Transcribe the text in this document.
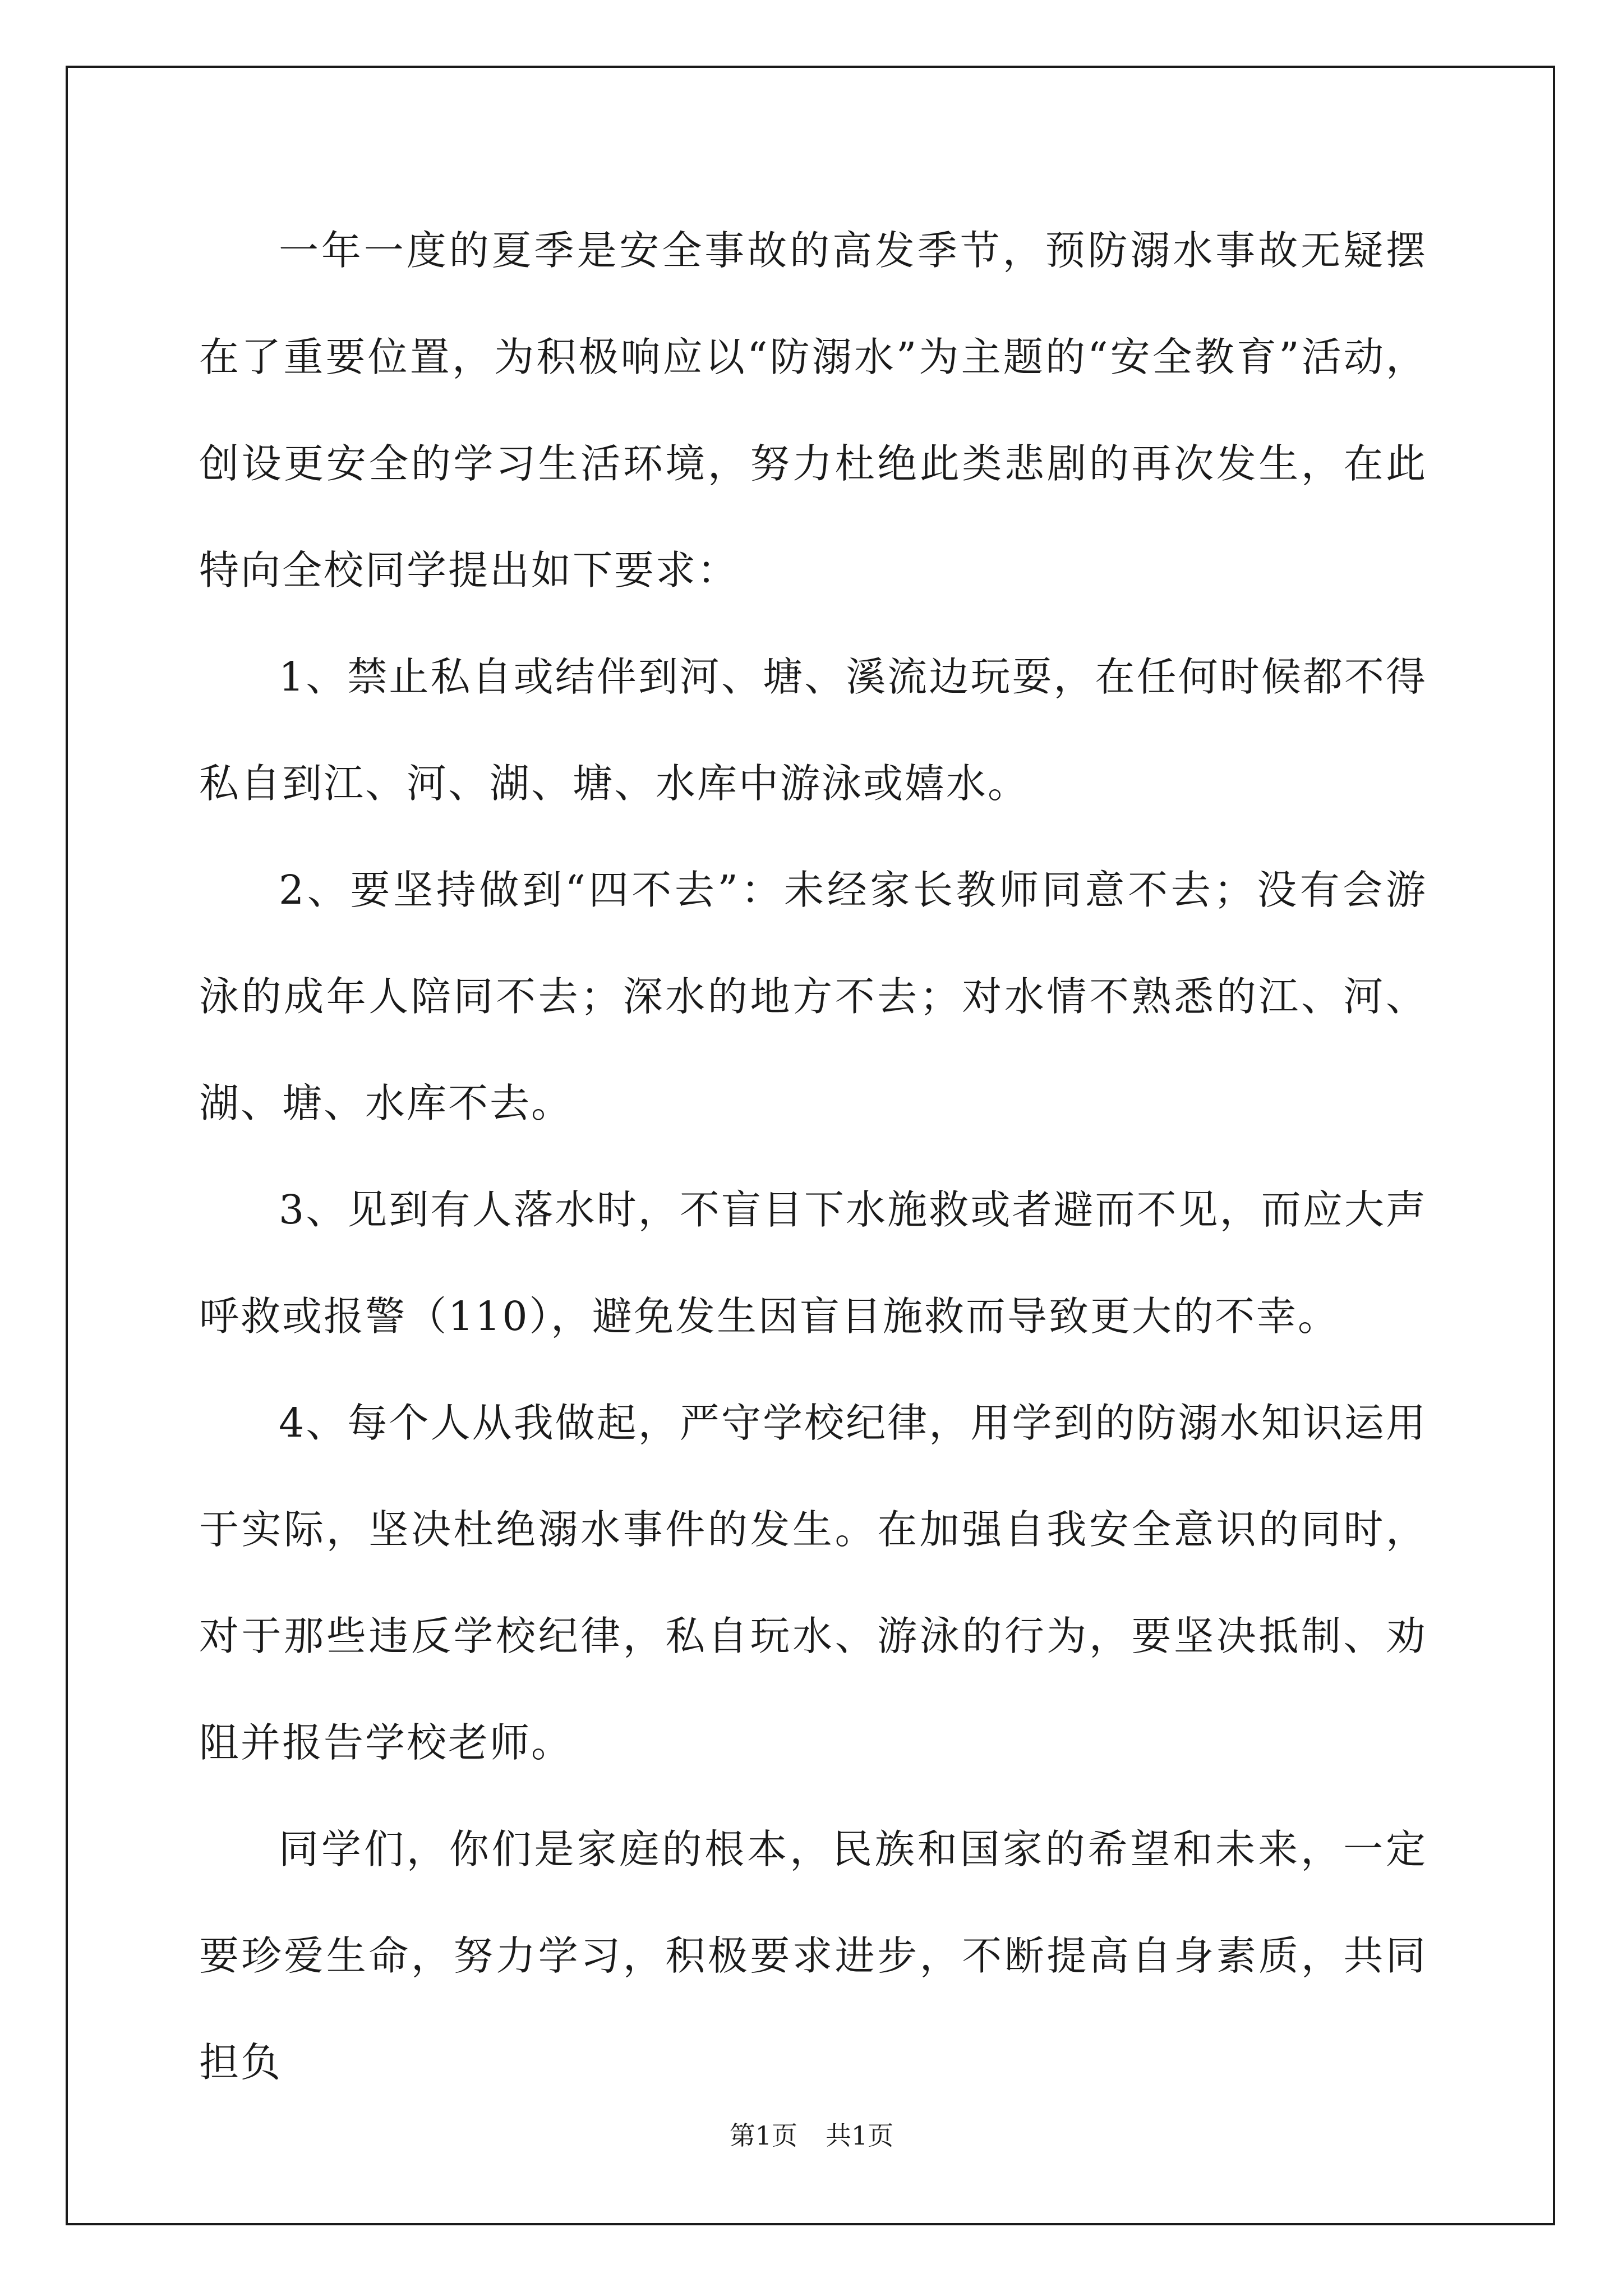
一年一度的夏季是安全事故的高发季节，预防溺水事故无疑摆在了重要位置，为积极响应以“防溺水”为主题的“安全教育”活动，创设更安全的学习生活环境，努力杜绝此类悲剧的再次发生，在此特向全校同学提出如下要求：

1、禁止私自或结伴到河、塘、溪流边玩耍，在任何时候都不得私自到江、河、湖、塘、水库中游泳或嬉水。

2、要坚持做到“四不去”：未经家长教师同意不去；没有会游泳的成年人陪同不去；深水的地方不去；对水情不熟悉的江、河、湖、塘、水库不去。

3、见到有人落水时，不盲目下水施救或者避而不见，而应大声呼救或报警（110），避免发生因盲目施救而导致更大的不幸。

4、每个人从我做起，严守学校纪律，用学到的防溺水知识运用于实际，坚决杜绝溺水事件的发生。在加强自我安全意识的同时，对于那些违反学校纪律，私自玩水、游泳的行为，要坚决抵制、劝阻并报告学校老师。

同学们，你们是家庭的根本，民族和国家的希望和未来，一定要珍爱生命，努力学习，积极要求进步，不断提高自身素质，共同担负

第1页 共1页
